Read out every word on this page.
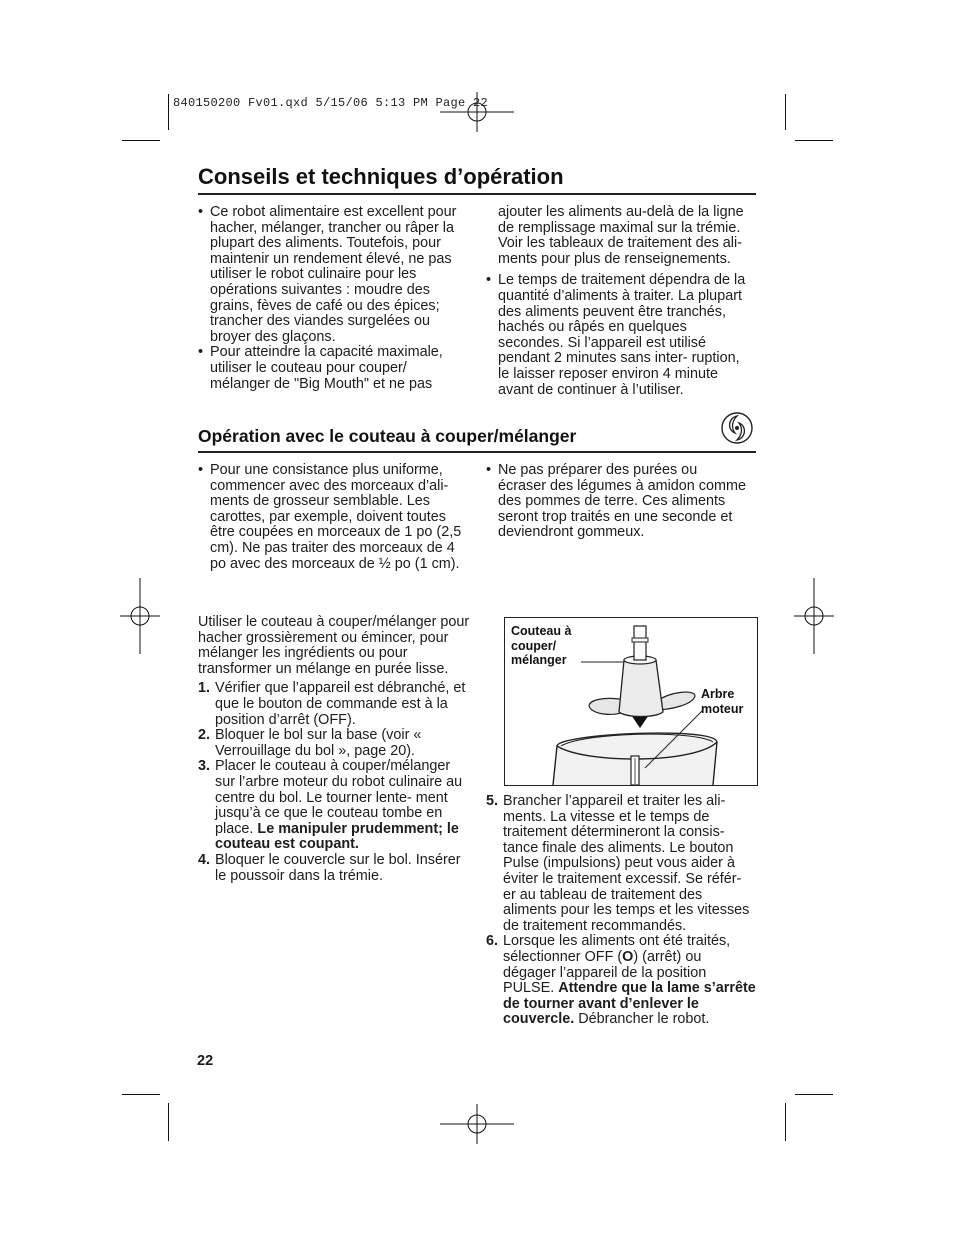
840150200 Fv01.qxd 5/15/06 5:13 PM Page 22
Conseils et techniques d’opération

• Ce robot alimentaire est excellent pour hacher, mélanger, trancher ou râper la plupart des aliments. Toutefois, pour maintenir un rendement élevé, ne pas utiliser le robot culinaire pour les opérations suivantes : moudre des grains, fèves de café ou des épices; trancher des viandes surgelées ou broyer des glaçons.

• Pour atteindre la capacité maximale, utiliser le couteau pour couper/ mélanger de "Big Mouth" et ne pas

ajouter les aliments au-delà de la ligne de remplissage maximal sur la trémie. Voir les tableaux de traitement des ali- ments pour plus de renseignements.

• Le temps de traitement dépendra de la quantité d’aliments à traiter. La plupart des aliments peuvent être tranchés, hachés ou râpés en quelques secondes. Si l’appareil est utilisé pendant 2 minutes sans inter- ruption, le laisser reposer environ 4 minute avant de continuer à l’utiliser.

Opération avec le couteau à couper/mélanger

• Pour une consistance plus uniforme, commencer avec des morceaux d’ali- ments de grosseur semblable. Les carottes, par exemple, doivent toutes être coupées en morceaux de 1 po (2,5 cm). Ne pas traiter des morceaux de 4 po avec des morceaux de ½ po (1 cm).

• Ne pas préparer des purées ou écraser des légumes à amidon comme des pommes de terre. Ces aliments seront trop traités en une seconde et deviendront gommeux.

Utiliser le couteau à couper/mélanger pour hacher grossièrement ou émincer, pour mélanger les ingrédients ou pour transformer un mélange en purée lisse.

1. Vérifier que l’appareil est débranché, et que le bouton de commande est à la position d’arrêt (OFF).

2. Bloquer le bol sur la base (voir « Verrouillage du bol », page 20).

3. Placer le couteau à couper/mélanger sur l’arbre moteur du robot culinaire au centre du bol. Le tourner lente- ment jusqu’à ce que le couteau tombe en place. Le manipuler prudemment; le couteau est coupant.

4. Bloquer le couvercle sur le bol. Insérer le poussoir dans la trémie.

Couteau à couper/ mélanger
Arbre moteur

5. Brancher l’appareil et traiter les ali- ments. La vitesse et le temps de traitement détermineront la consis- tance finale des aliments. Le bouton Pulse (impulsions) peut vous aider à éviter le traitement excessif. Se référ- er au tableau de traitement des aliments pour les temps et les vitesses de traitement recommandés.

6. Lorsque les aliments ont été traités, sélectionner OFF (O) (arrêt) ou dégager l’appareil de la position PULSE. Attendre que la lame s’arrête de tourner avant d’enlever le couvercle. Débrancher le robot.

22
